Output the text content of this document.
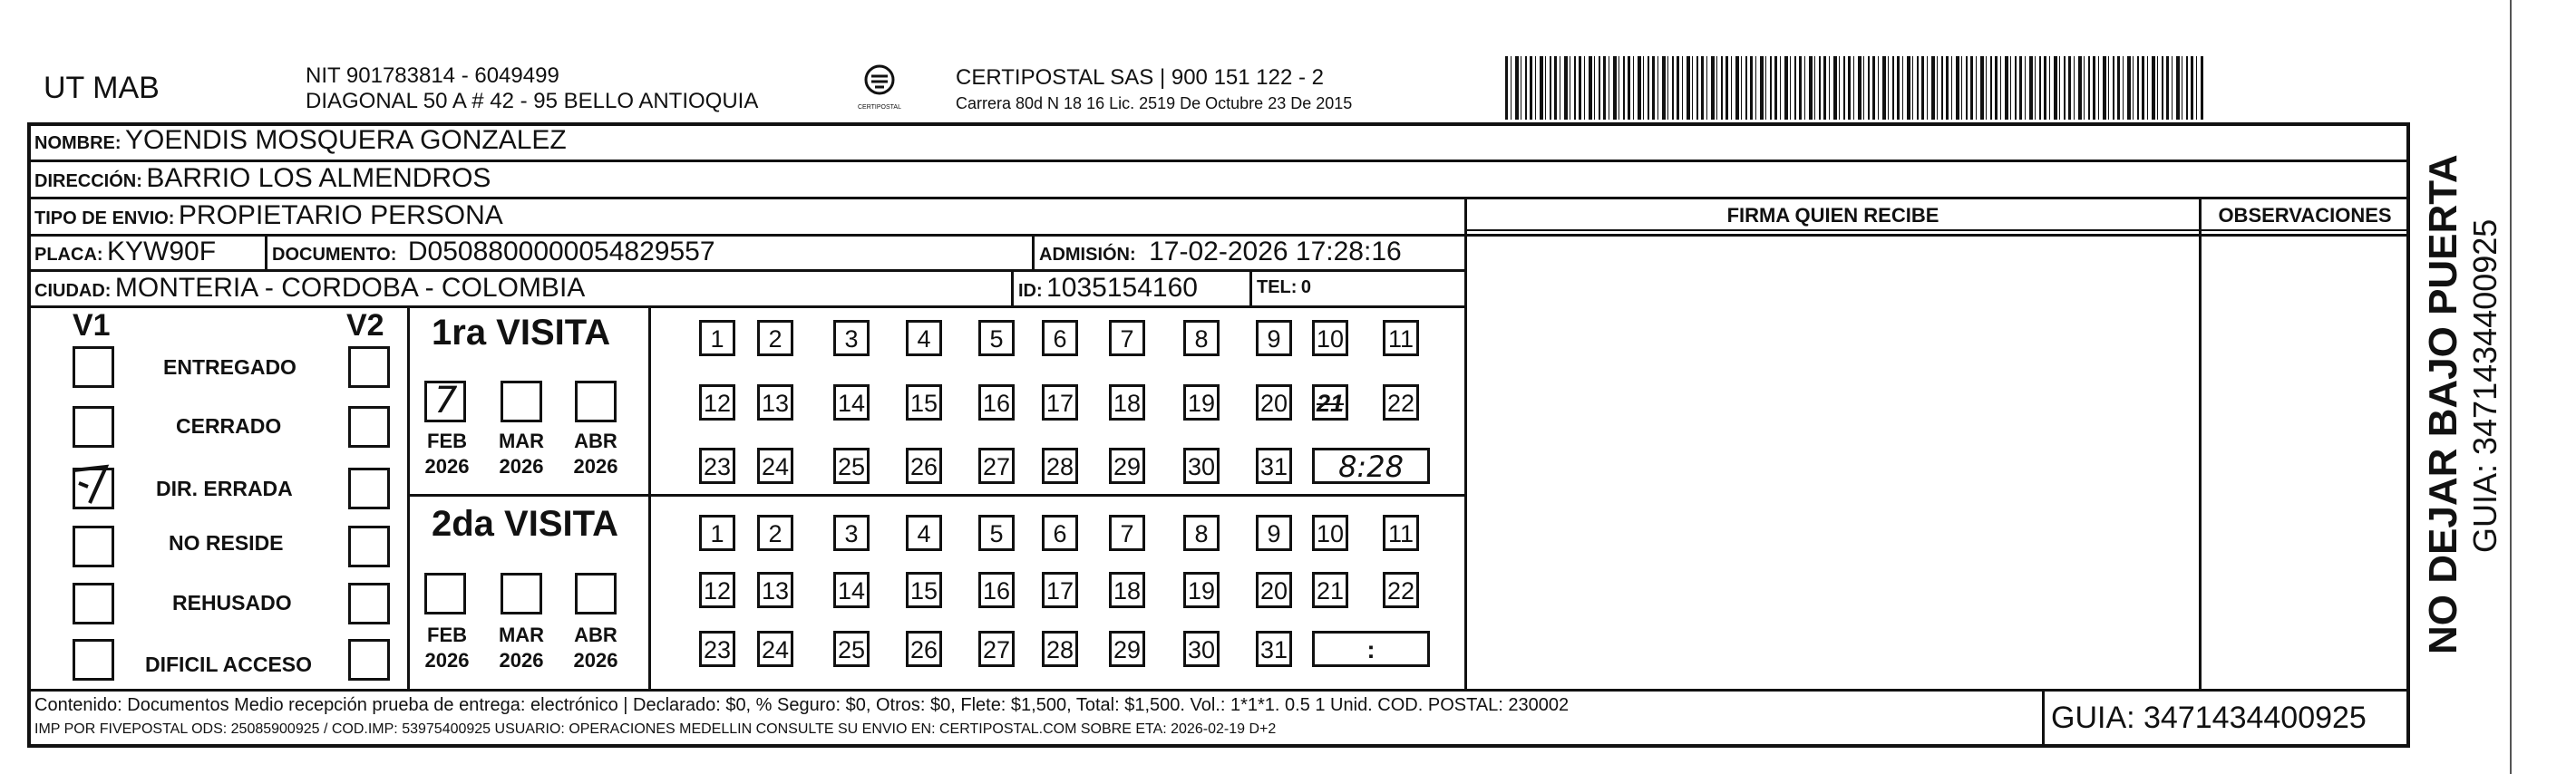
UT MAB	NIT 901783814 - 6049499
DIAGONAL 50 A # 42 - 95 BELLO ANTIOQUIA	CERTIPOSTAL
CERTIPOSTAL SAS | 900 151 122 - 2
Carrera 80d N 18 16 Lic. 2519 De Octubre 23 De 2015
NOMBRE: YOENDIS MOSQUERA GONZALEZ
DIRECCIÓN: BARRIO LOS ALMENDROS
TIPO DE ENVIO: PROPIETARIO PERSONA
PLACA: KYW90F	DOCUMENTO: D0508800000054829557	ADMISIÓN: 17-02-2026 17:28:16
CIUDAD: MONTERIA - CORDOBA - COLOMBIA	ID: 1035154160	TEL: 0
FIRMA QUIEN RECIBE	OBSERVACIONES
V1	V2
ENTREGADO
CERRADO
DIR. ERRADA
NO RESIDE
REHUSADO
DIFICIL ACCESO
1ra VISITA
7
FEB	MAR ABR
2026 2026 2026
1	2	3	4	5	6	7	8	9	10 11
12 13 14 15 16 17 18 19 20 21 22
23 24 25 26 27 28 29 30 31	8:28
2da VISITA
FEB	MAR ABR
2026 2026 2026
1	2	3	4	5	6	7	8	9	10 11
12 13 14 15 16 17 18 19 20 21 22
23 24 25 26 27 28 29 30 31	:
Contenido: Documentos Medio recepción prueba de entrega: electrónico | Declarado: $0, % Seguro: $0, Otros: $0, Flete: $1,500, Total: $1,500. Vol.: 1*1*1. 0.5 1 Unid. COD. POSTAL: 230002
IMP POR FIVEPOSTAL ODS: 25085900925 / COD.IMP: 53975400925 USUARIO: OPERACIONES MEDELLIN CONSULTE SU ENVIO EN: CERTIPOSTAL.COM SOBRE ETA: 2026-02-19 D+2	GUIA: 3471434400925
NO DEJAR BAJO PUERTA GUIA: 3471434400925
